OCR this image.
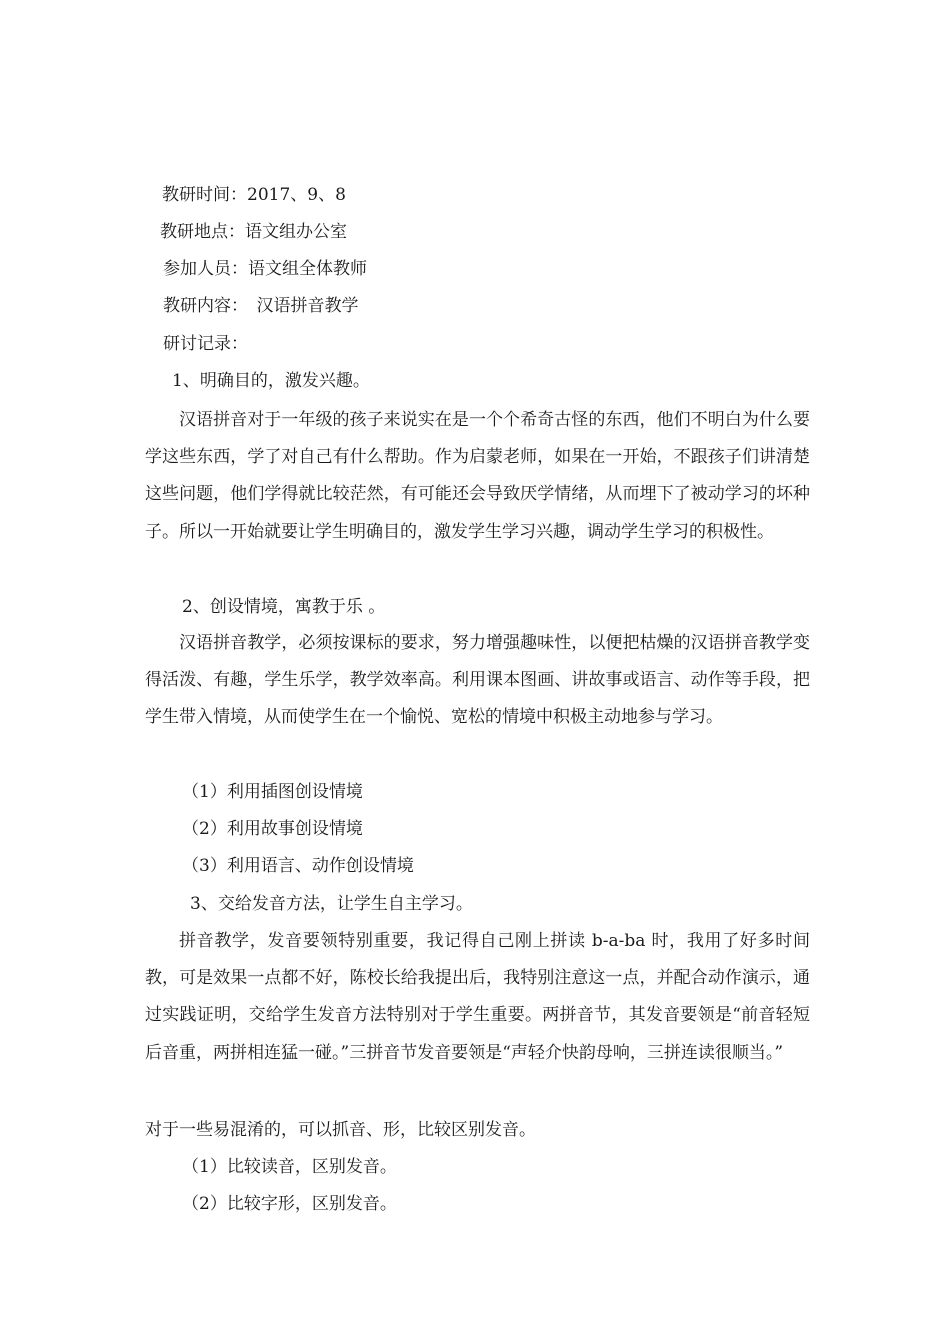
教研时间：2017、9、8

教研地点：语文组办公室

参加人员：语文组全体教师

教研内容：　汉语拼音教学

研讨记录：

1、明确目的，激发兴趣。

汉语拼音对于一年级的孩子来说实在是一个个希奇古怪的东西，他们不明白为什么要学这些东西，学了对自己有什么帮助。作为启蒙老师，如果在一开始，不跟孩子们讲清楚这些问题，他们学得就比较茫然，有可能还会导致厌学情绪，从而埋下了被动学习的坏种子。所以一开始就要让学生明确目的，激发学生学习兴趣，调动学生学习的积极性。

2、创设情境，寓教于乐 。

汉语拼音教学，必须按课标的要求，努力增强趣味性，以便把枯燥的汉语拼音教学变得活泼、有趣，学生乐学，教学效率高。利用课本图画、讲故事或语言、动作等手段，把学生带入情境，从而使学生在一个愉悦、宽松的情境中积极主动地参与学习。

（1）利用插图创设情境

（2）利用故事创设情境

（3）利用语言、动作创设情境

3、交给发音方法，让学生自主学习。

拼音教学，发音要领特别重要，我记得自己刚上拼读 b-a-ba 时，我用了好多时间教，可是效果一点都不好，陈校长给我提出后，我特别注意这一点，并配合动作演示，通过实践证明，交给学生发音方法特别对于学生重要。两拼音节，其发音要领是“前音轻短后音重，两拼相连猛一碰。”三拼音节发音要领是“声轻介快韵母响，三拼连读很顺当。”

对于一些易混淆的，可以抓音、形，比较区别发音。

（1）比较读音，区别发音。

（2）比较字形，区别发音。
